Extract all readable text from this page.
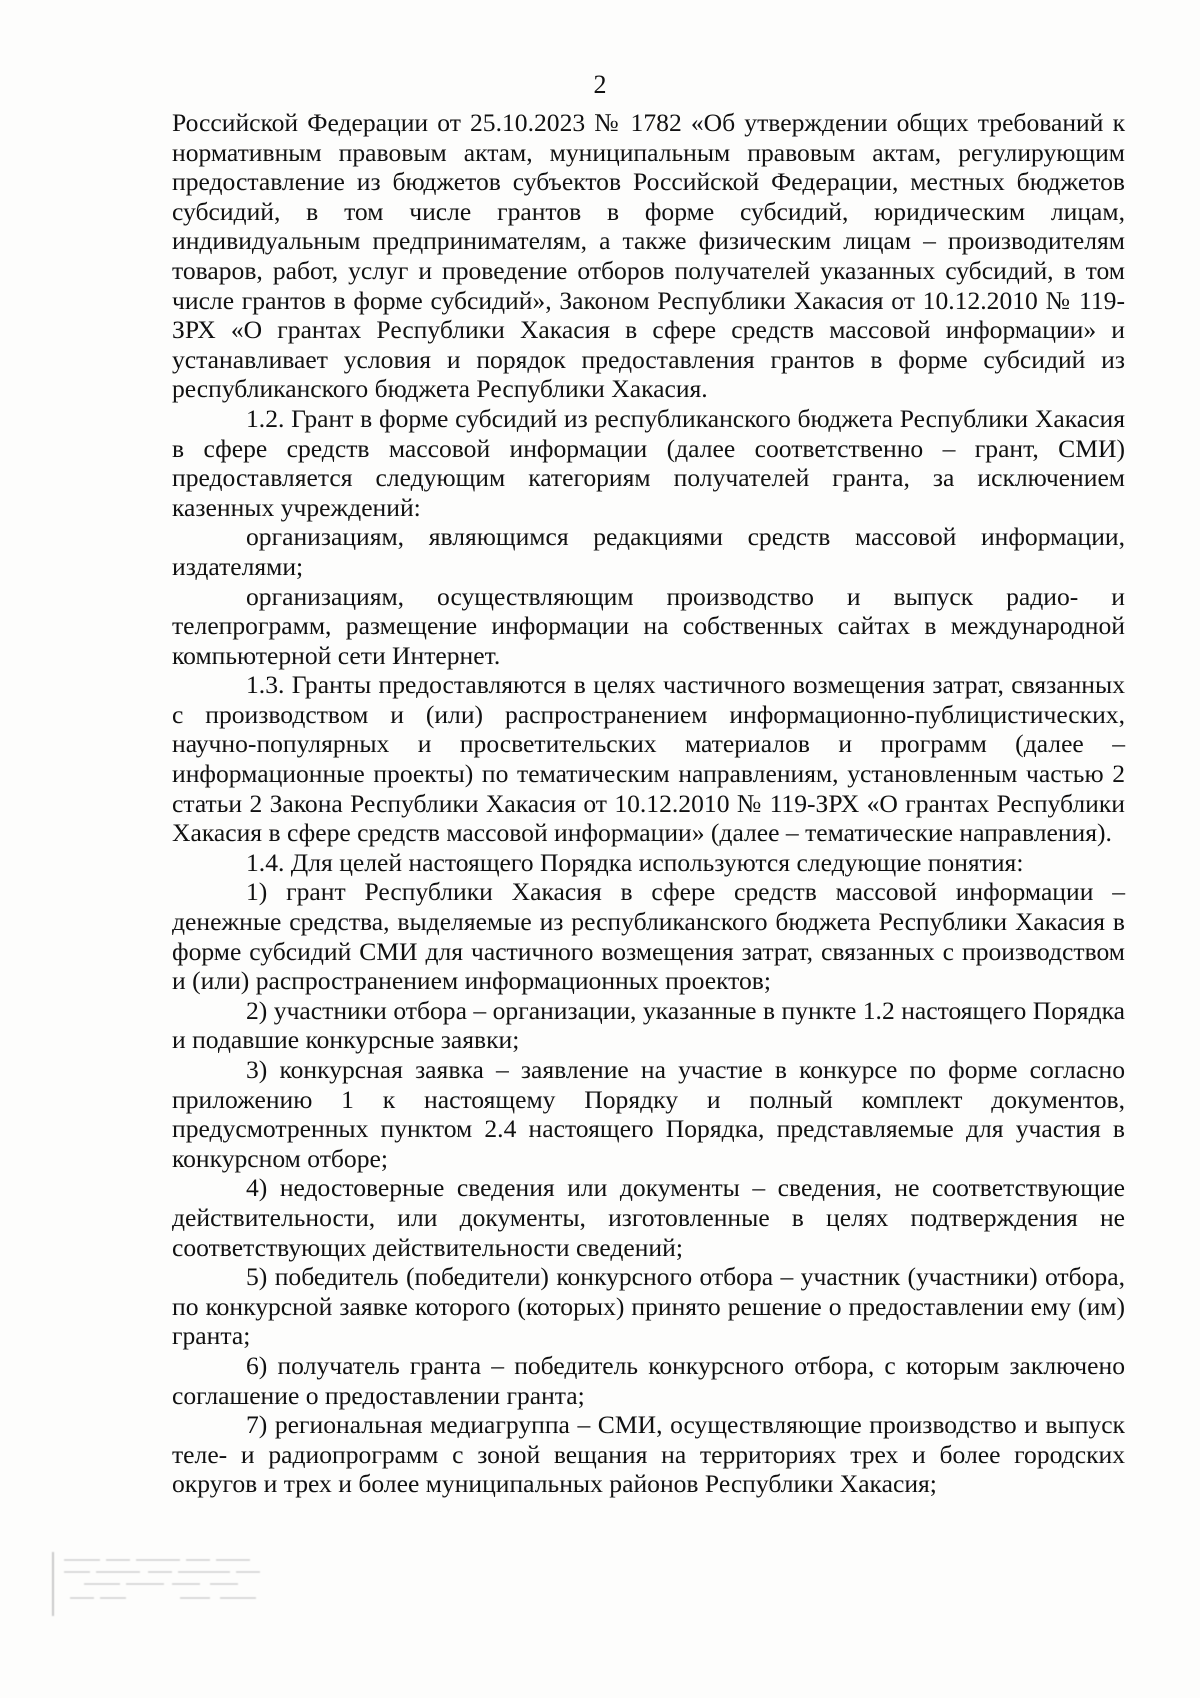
2

Российской Федерации от 25.10.2023 № 1782 «Об утверждении общих требований к нормативным правовым актам, муниципальным правовым актам, регулирующим предоставление из бюджетов субъектов Российской Федерации, местных бюджетов субсидий, в том числе грантов в форме субсидий, юридическим лицам, индивидуальным предпринимателям, а также физическим лицам – производителям товаров, работ, услуг и проведение отборов получателей указанных субсидий, в том числе грантов в форме субсидий», Законом Республики Хакасия от 10.12.2010 № 119-ЗРХ «О грантах Республики Хакасия в сфере средств массовой информации» и устанавливает условия и порядок предоставления грантов в форме субсидий из республиканского бюджета Республики Хакасия.

1.2. Грант в форме субсидий из республиканского бюджета Республики Хакасия в сфере средств массовой информации (далее соответственно – грант, СМИ) предоставляется следующим категориям получателей гранта, за исключением казенных учреждений:

организациям, являющимся редакциями средств массовой информации, издателями;

организациям, осуществляющим производство и выпуск радио- и телепрограмм, размещение информации на собственных сайтах в международной компьютерной сети Интернет.

1.3. Гранты предоставляются в целях частичного возмещения затрат, связанных с производством и (или) распространением информационно-публицистических, научно-популярных и просветительских материалов и программ (далее – информационные проекты) по тематическим направлениям, установленным частью 2 статьи 2 Закона Республики Хакасия от 10.12.2010 № 119-ЗРХ «О грантах Республики Хакасия в сфере средств массовой информации» (далее – тематические направления).

1.4. Для целей настоящего Порядка используются следующие понятия:

1) грант Республики Хакасия в сфере средств массовой информации – денежные средства, выделяемые из республиканского бюджета Республики Хакасия в форме субсидий СМИ для частичного возмещения затрат, связанных с производством и (или) распространением информационных проектов;

2) участники отбора – организации, указанные в пункте 1.2 настоящего Порядка и подавшие конкурсные заявки;

3) конкурсная заявка – заявление на участие в конкурсе по форме согласно приложению 1 к настоящему Порядку и полный комплект документов, предусмотренных пунктом 2.4 настоящего Порядка, представляемые для участия в конкурсном отборе;

4) недостоверные сведения или документы – сведения, не соответствующие действительности, или документы, изготовленные в целях подтверждения не соответствующих действительности сведений;

5) победитель (победители) конкурсного отбора – участник (участники) отбора, по конкурсной заявке которого (которых) принято решение о предоставлении ему (им) гранта;

6) получатель гранта – победитель конкурсного отбора, с которым заключено соглашение о предоставлении гранта;

7) региональная медиагруппа – СМИ, осуществляющие производство и выпуск теле- и радиопрограмм с зоной вещания на территориях трех и более городских округов и трех и более муниципальных районов Республики Хакасия;
